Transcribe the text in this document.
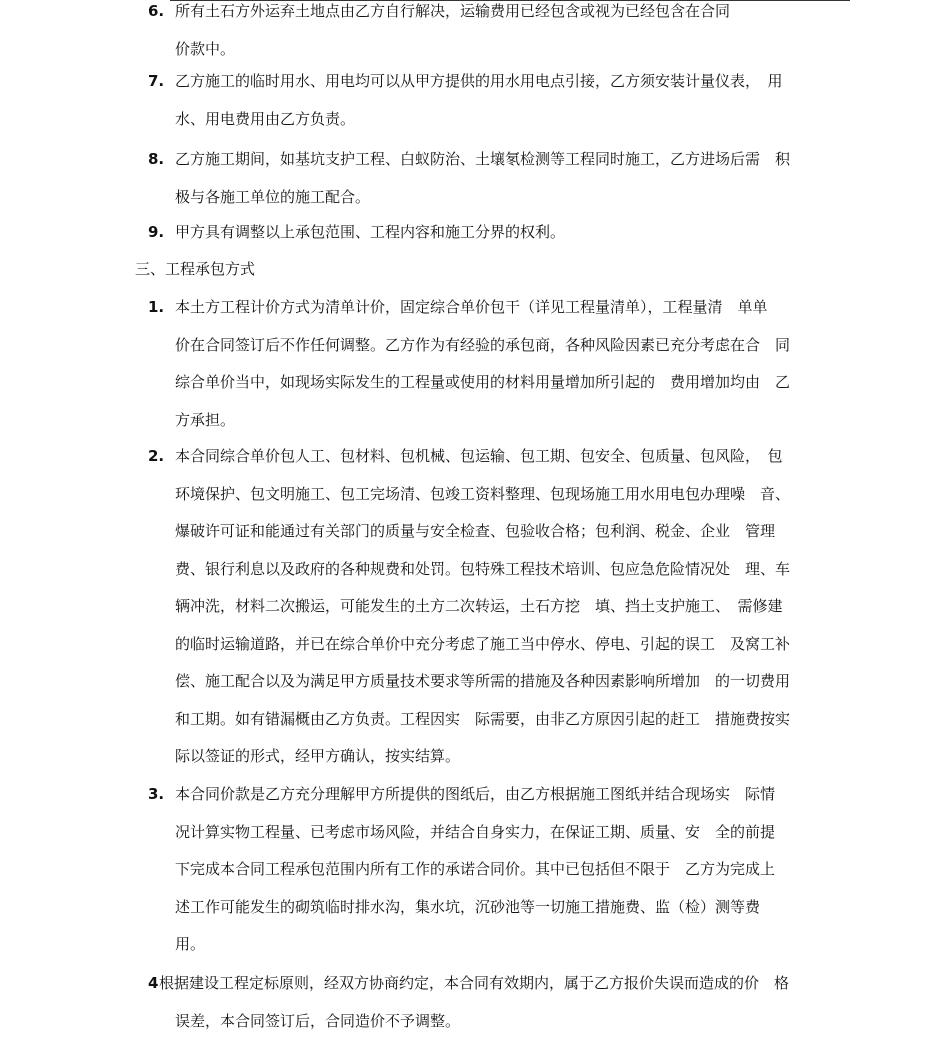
6. 所有土石方外运弃土地点由乙方自行解决，运输费用已经包含或视为已经包含在合同
价款中。
7. 乙方施工的临时用水、用电均可以从甲方提供的用水用电点引接，乙方须安装计量仪表，　用
水、用电费用由乙方负责。
8. 乙方施工期间，如基坑支护工程、白蚁防治、土壤氡检测等工程同时施工，乙方进场后需　积
极与各施工单位的施工配合。
9. 甲方具有调整以上承包范围、工程内容和施工分界的权利。
三、工程承包方式
1. 本土方工程计价方式为清单计价，固定综合单价包干（详见工程量清单），工程量清　单单
价在合同签订后不作任何调整。乙方作为有经验的承包商，各种风险因素已充分考虑在合　同
综合单价当中，如现场实际发生的工程量或使用的材料用量增加所引起的　费用增加均由　乙
方承担。
2. 本合同综合单价包人工、包材料、包机械、包运输、包工期、包安全、包质量、包风险，　包
环境保护、包文明施工、包工完场清、包竣工资料整理、包现场施工用水用电包办理噪　音、
爆破许可证和能通过有关部门的质量与安全检查、包验收合格；包利润、税金、企业　管理
费、银行利息以及政府的各种规费和处罚。包特殊工程技术培训、包应急危险情况处　理、车
辆冲洗，材料二次搬运，可能发生的土方二次转运，土石方挖　填、挡土支护施工、　需修建
的临时运输道路，并已在综合单价中充分考虑了施工当中停水、停电、引起的误工　及窝工补
偿、施工配合以及为满足甲方质量技术要求等所需的措施及各种因素影响所增加　的一切费用
和工期。如有错漏概由乙方负责。工程因实　际需要，由非乙方原因引起的赶工　措施费按实
际以签证的形式，经甲方确认，按实结算。
3. 本合同价款是乙方充分理解甲方所提供的图纸后，由乙方根据施工图纸并结合现场实　际情
况计算实物工程量、已考虑市场风险，并结合自身实力，在保证工期、质量、安　全的前提
下完成本合同工程承包范围内所有工作的承诺合同价。其中已包括但不限于　乙方为完成上
述工作可能发生的砌筑临时排水沟，集水坑，沉砂池等一切施工措施费、监（检）测等费
用。
4 根据建设工程定标原则，经双方协商约定，本合同有效期内，属于乙方报价失误而造成的价　格
误差，本合同签订后，合同造价不予调整。
